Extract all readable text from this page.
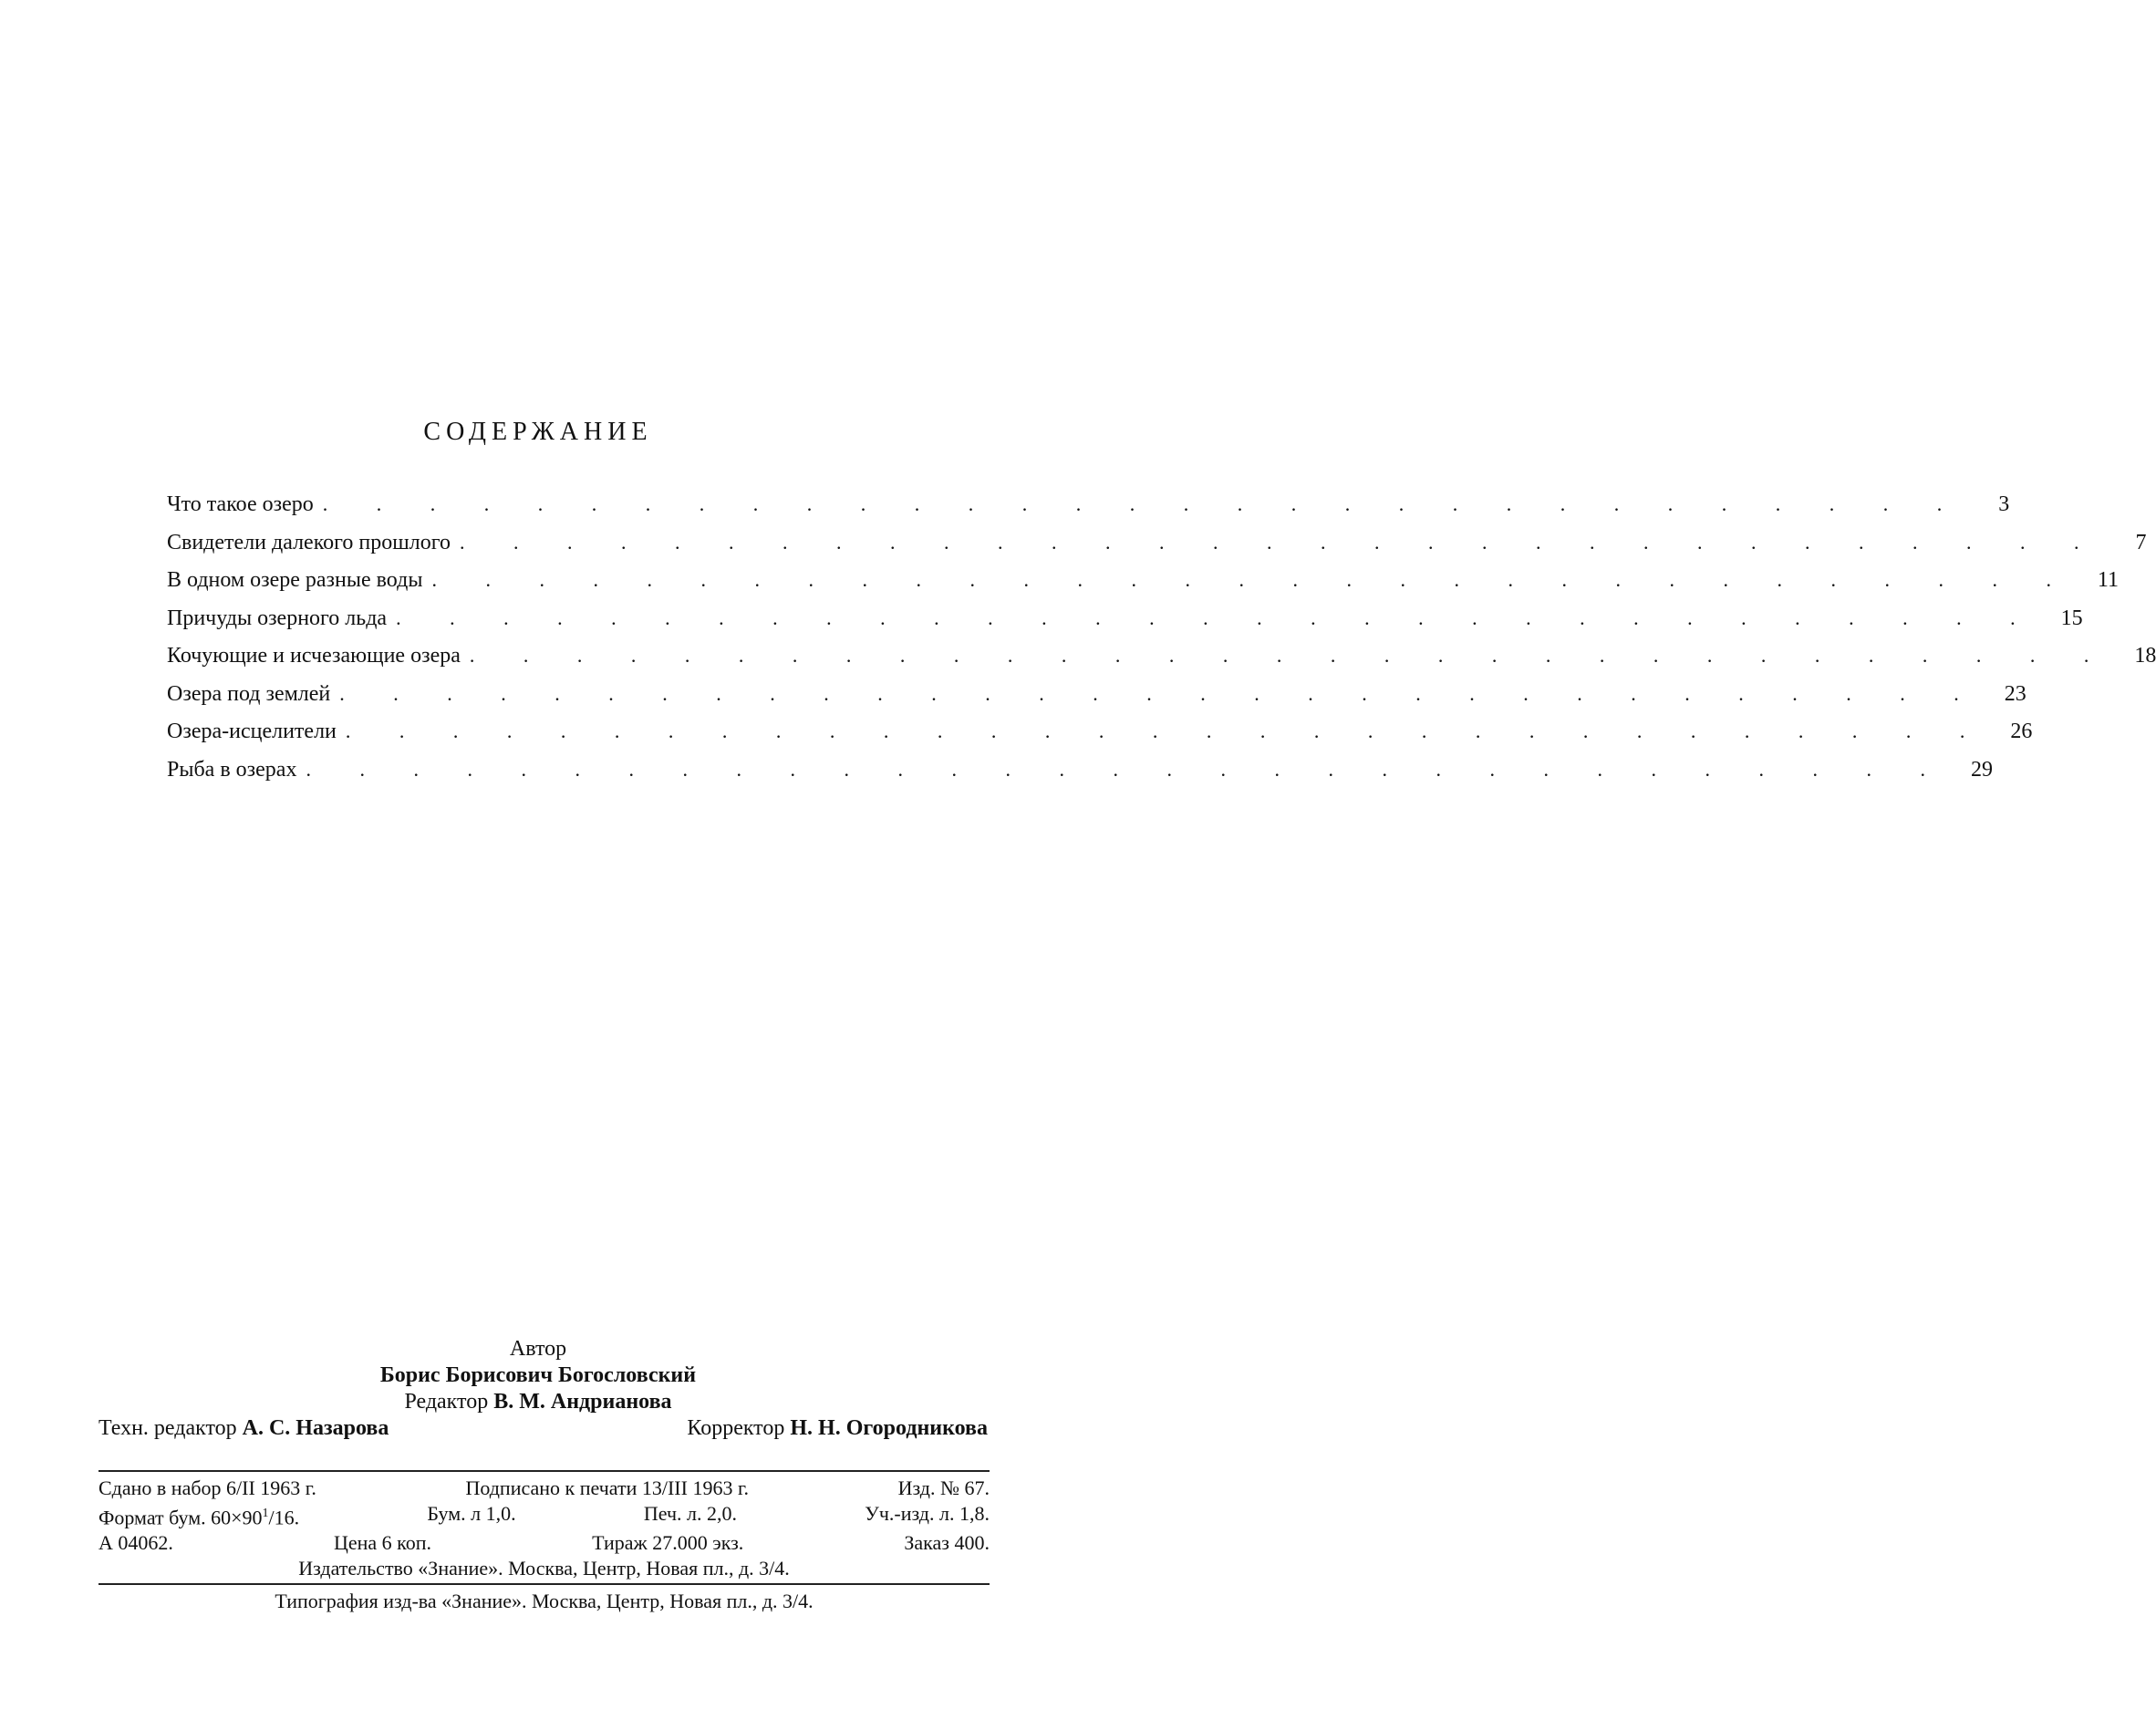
СОДЕРЖАНИЕ
Что такое озеро . . . . . . . . . . . . . . . . . . . . . . . . . . . . . . .	3
Свидетели далекого прошлого . . . . . . . . . . . . . . . . . . . . . . . . . . . . . . .	7
В одном озере разные воды . . . . . . . . . . . . . . . . . . . . . . . . . . . . . . .	11
Причуды озерного льда . . . . . . . . . . . . . . . . . . . . . . . . . . . . . . .	15
Кочующие и исчезающие озера . . . . . . . . . . . . . . . . . . . . . . . . . . . . . . .	18
Озера под землей . . . . . . . . . . . . . . . . . . . . . . . . . . . . . . .	23
Озера-исцелители . . . . . . . . . . . . . . . . . . . . . . . . . . . . . . .	26
Рыба в озерах . . . . . . . . . . . . . . . . . . . . . . . . . . . . . . .	29
Автор
Борис Борисович Богословский
Редактор В. М. Андрианова
Техн. редактор А. С. Назарова	Корректор Н. Н. Огородникова
Сдано в набор 6/II 1963 г.	Подписано к печати 13/III 1963 г.	Изд. № 67.
Формат бум. $60\times 90^1/16$.	Бум. л 1,0.	Печ. л. 2,0.	Уч.-изд. л. 1,8.
А 04062.	Цена 6 коп.	Тираж 27.000 экз.	Заказ 400.
Издательство «Знание». Москва, Центр, Новая пл., д. 3/4.
Типография изд-ва «Знание». Москва, Центр, Новая пл., д. 3/4.
